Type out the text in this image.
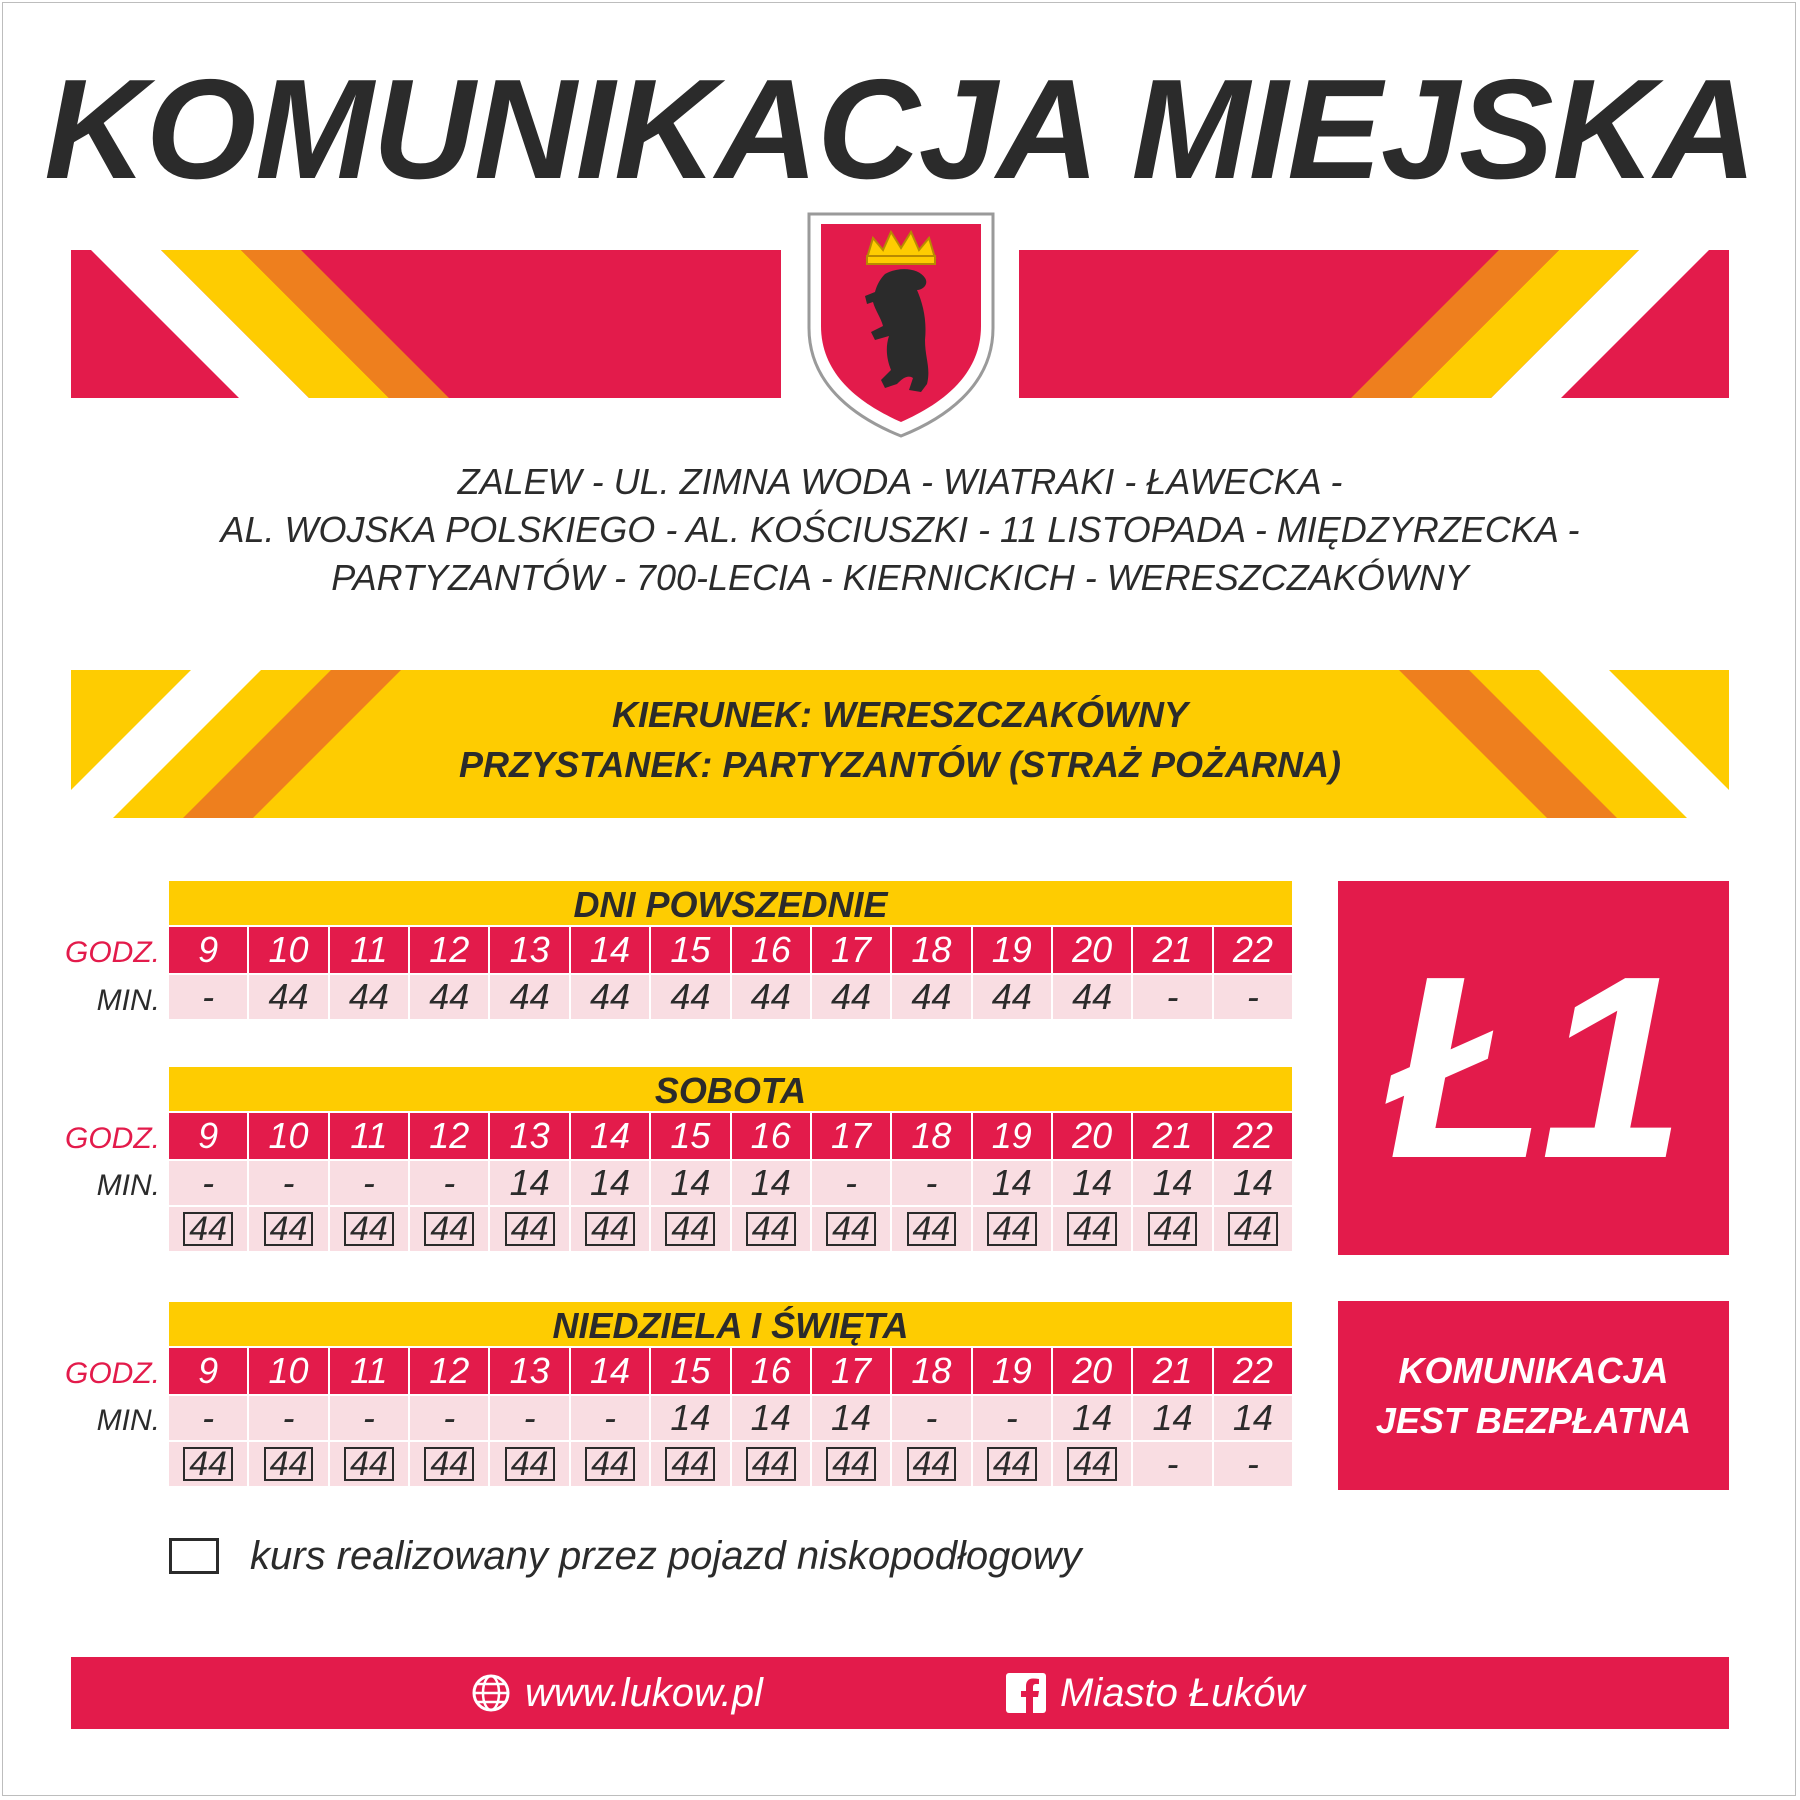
KOMUNIKACJA MIEJSKA
ZALEW - UL. ZIMNA WODA - WIATRAKI - ŁAWECKA -
AL. WOJSKA POLSKIEGO - AL. KOŚCIUSZKI - 11 LISTOPADA - MIĘDZYRZECKA -
PARTYZANTÓW - 700-LECIA - KIERNICKICH - WERESZCZAKÓWNY
KIERUNEK: WERESZCZAKÓWNY
PRZYSTANEK: PARTYZANTÓW (STRAŻ POŻARNA)
GODZ.
MIN.
DNI POWSZEDNIE
9	10	11	12	13	14	15	16	17	18	19	20	21	22
-	44	44	44	44	44	44	44	44	44	44	44	-	-
GODZ.
MIN.
SOBOTA
9	10	11	12	13	14	15	16	17	18	19	20	21	22
-	-	-	-	14	14	14	14	-	-	14	14	14	14
44 44 44 44 44 44 44 44 44 44 44 44 44 44
GODZ.
MIN.
NIEDZIELA I ŚWIĘTA
9	10	11	12	13	14	15	16	17	18	19	20	21	22
-	-	-	-	-	-	14	14	14	-	-	14	14	14
44 44 44 44 44 44 44 44 44 44 44 44	-	-
Ł1
KOMUNIKACJA
JEST BEZPŁATNA
kurs realizowany przez pojazd niskopodłogowy
www.lukow.pl	Miasto Łuków
